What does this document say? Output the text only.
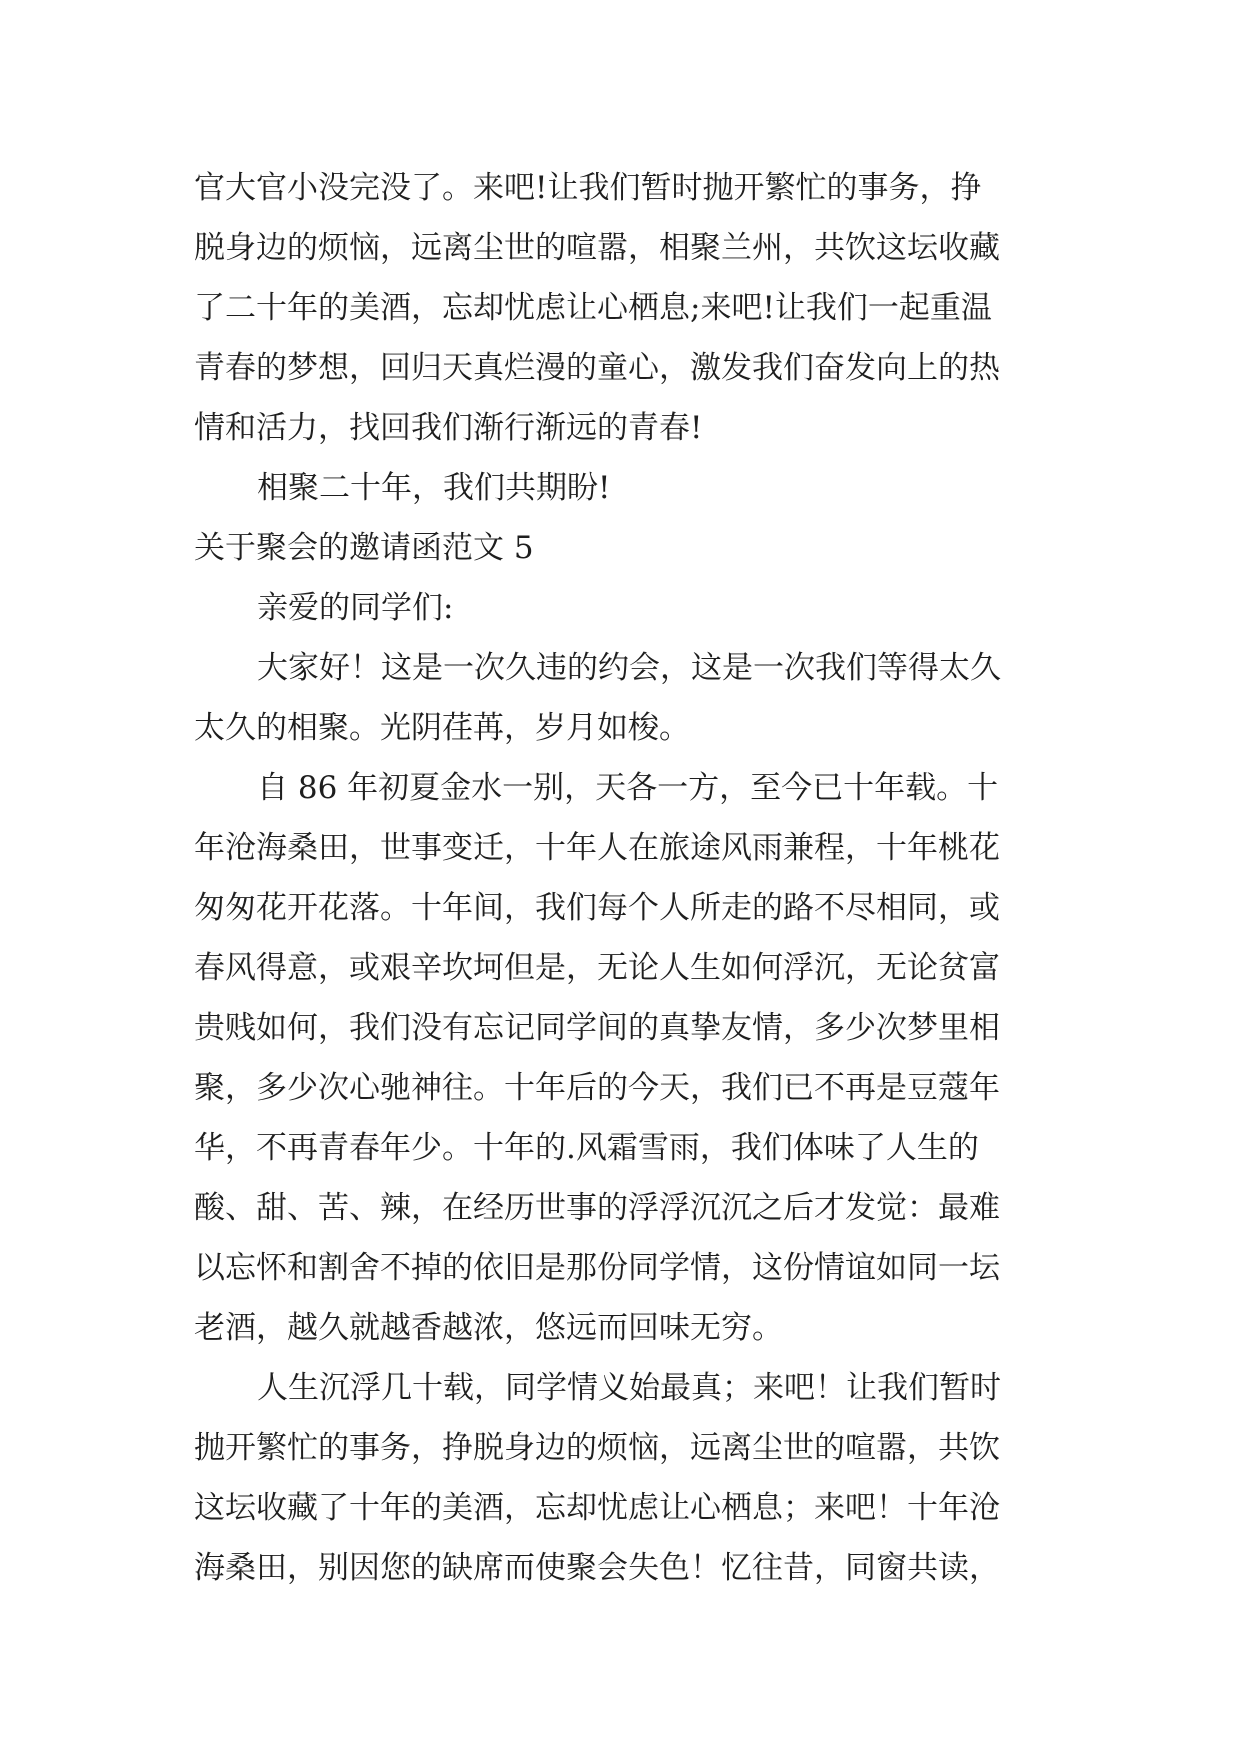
官大官小没完没了。来吧!让我们暂时抛开繁忙的事务，挣
脱身边的烦恼，远离尘世的喧嚣，相聚兰州，共饮这坛收藏
了二十年的美酒，忘却忧虑让心栖息;来吧!让我们一起重温
青春的梦想，回归天真烂漫的童心，激发我们奋发向上的热
情和活力，找回我们渐行渐远的青春!
相聚二十年，我们共期盼!
关于聚会的邀请函范文 5
亲爱的同学们:
大家好！这是一次久违的约会，这是一次我们等得太久
太久的相聚。光阴荏苒，岁月如梭。
自 86 年初夏金水一别，天各一方，至今已十年载。十
年沧海桑田，世事变迁，十年人在旅途风雨兼程，十年桃花
匆匆花开花落。十年间，我们每个人所走的路不尽相同，或
春风得意，或艰辛坎坷但是，无论人生如何浮沉，无论贫富
贵贱如何，我们没有忘记同学间的真挚友情，多少次梦里相
聚，多少次心驰神往。十年后的今天，我们已不再是豆蔻年
华，不再青春年少。十年的.风霜雪雨，我们体味了人生的
酸、甜、苦、辣，在经历世事的浮浮沉沉之后才发觉：最难
以忘怀和割舍不掉的依旧是那份同学情，这份情谊如同一坛
老酒，越久就越香越浓，悠远而回味无穷。
人生沉浮几十载，同学情义始最真；来吧！让我们暂时
抛开繁忙的事务，挣脱身边的烦恼，远离尘世的喧嚣，共饮
这坛收藏了十年的美酒，忘却忧虑让心栖息；来吧！十年沧
海桑田，别因您的缺席而使聚会失色！忆往昔，同窗共读，
